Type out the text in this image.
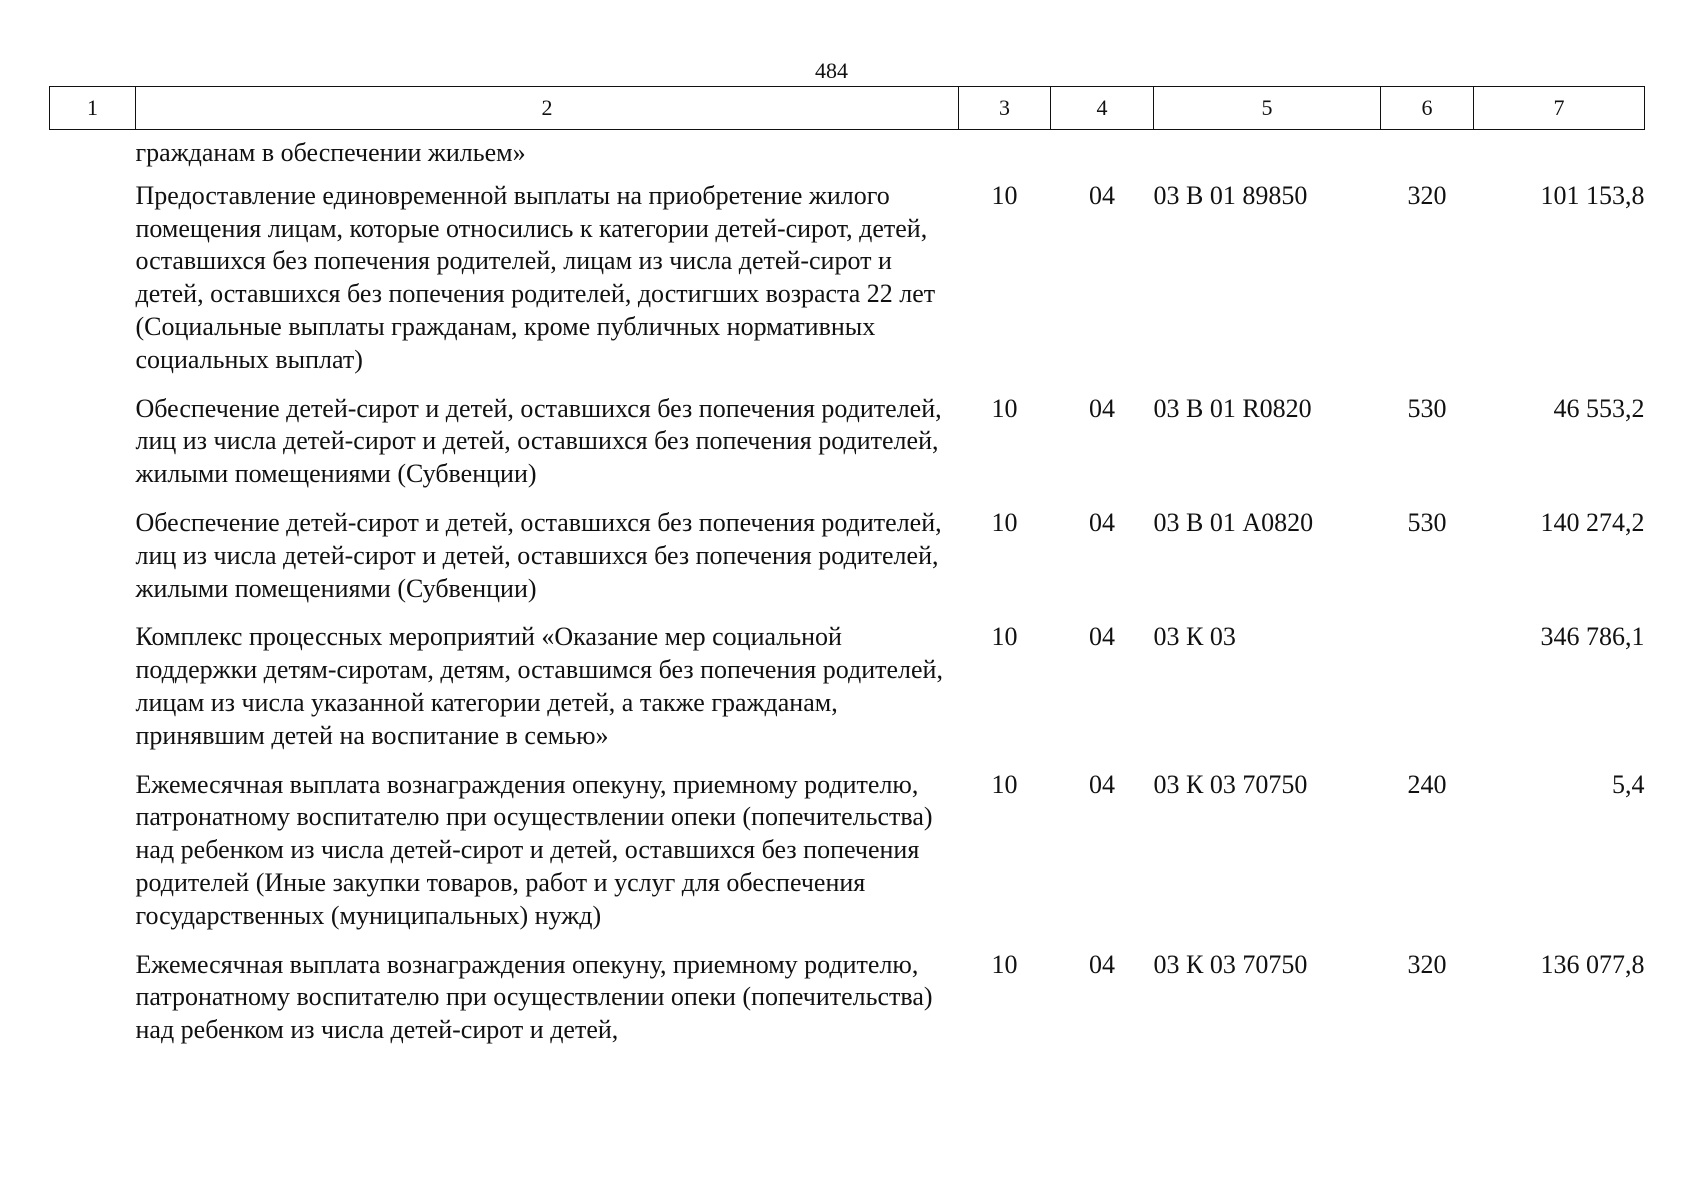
484
1	2	3	4	5	6	7
	гражданам в обеспечении жильем»					
	Предоставление единовременной выплаты на приобретение жилого помещения лицам, которые относились к категории детей-сирот, детей, оставшихся без попечения родителей, лицам из числа детей-сирот и детей, оставшихся без попечения родителей, достигших возраста 22 лет (Социальные выплаты гражданам, кроме публичных нормативных социальных выплат)	10	04	03 В 01 89850	320	101 153,8
	Обеспечение детей-сирот и детей, оставшихся без попечения родителей, лиц из числа детей-сирот и детей, оставшихся без попечения родителей, жилыми помещениями (Субвенции)	10	04	03 В 01 R0820	530	46 553,2
	Обеспечение детей-сирот и детей, оставшихся без попечения родителей, лиц из числа детей-сирот и детей, оставшихся без попечения родителей, жилыми помещениями (Субвенции)	10	04	03 В 01 А0820	530	140 274,2
	Комплекс процессных мероприятий «Оказание мер социальной поддержки детям-сиротам, детям, оставшимся без попечения родителей, лицам из числа указанной категории детей, а также гражданам, принявшим детей на воспитание в семью»	10	04	03 К 03		346 786,1
	Ежемесячная выплата вознаграждения опекуну, приемному родителю, патронатному воспитателю при осуществлении опеки (попечительства) над ребенком из числа детей-сирот и детей, оставшихся без попечения родителей (Иные закупки товаров, работ и услуг для обеспечения государственных (муниципальных) нужд)	10	04	03 К 03 70750	240	5,4
	Ежемесячная выплата вознаграждения опекуну, приемному родителю, патронатному воспитателю при осуществлении опеки (попечительства) над ребенком из числа детей-сирот и детей,	10	04	03 К 03 70750	320	136 077,8
